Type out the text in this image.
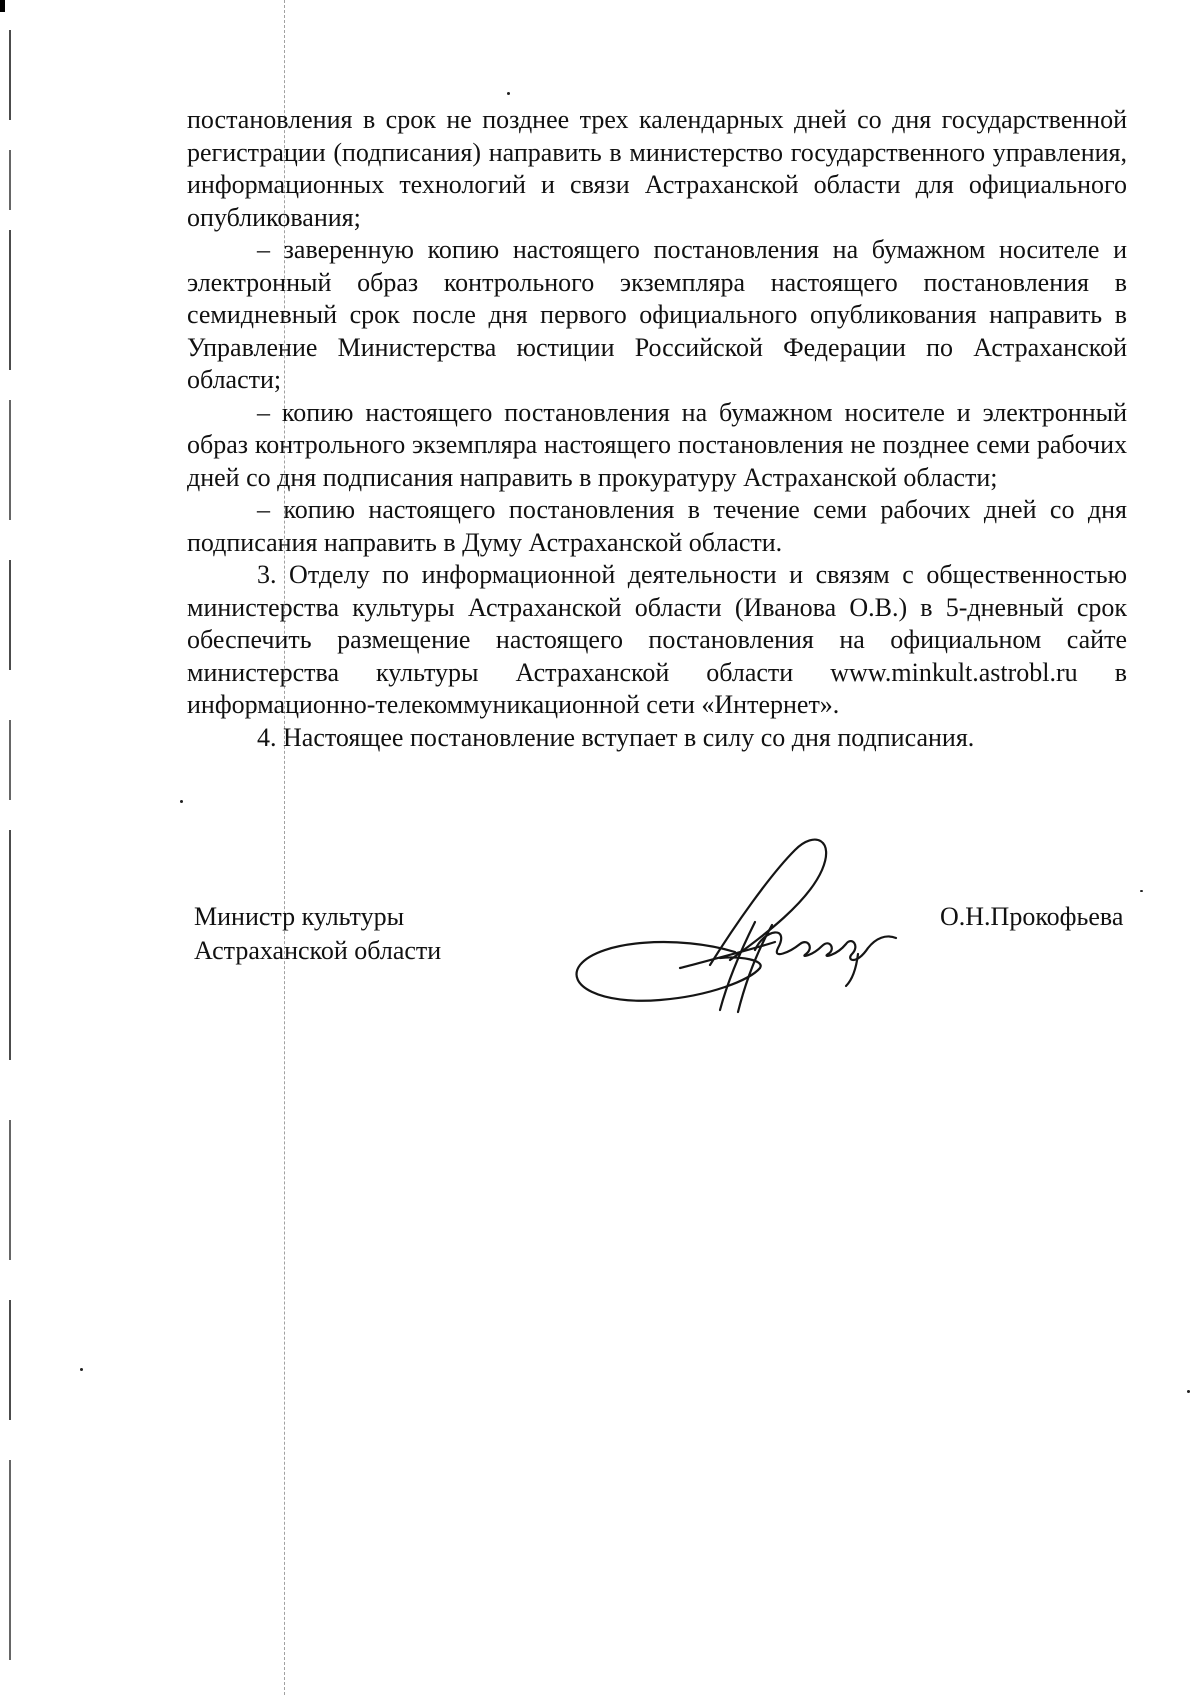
постановления в срок не позднее трех календарных дней со дня государственной регистрации (подписания) направить в министерство государственного управления, информационных технологий и связи Астраханской области для официального опубликования;

– заверенную копию настоящего постановления на бумажном носителе и электронный образ контрольного экземпляра настоящего постановления в семидневный срок после дня первого официального опубликования направить в Управление Министерства юстиции Российской Федерации по Астраханской области;

– копию настоящего постановления на бумажном носителе и электронный образ контрольного экземпляра настоящего постановления не позднее семи рабочих дней со дня подписания направить в прокуратуру Астраханской области;

– копию настоящего постановления в течение семи рабочих дней со дня подписания направить в Думу Астраханской области.

3. Отделу по информационной деятельности и связям с общественностью министерства культуры Астраханской области (Иванова О.В.) в 5-дневный срок обеспечить размещение настоящего постановления на официальном сайте министерства культуры Астраханской области www.minkult.astrobl.ru в информационно-телекоммуникационной сети «Интернет».

4. Настоящее постановление вступает в силу со дня подписания.

Министр культуры
Астраханской области
О.Н.Прокофьева
